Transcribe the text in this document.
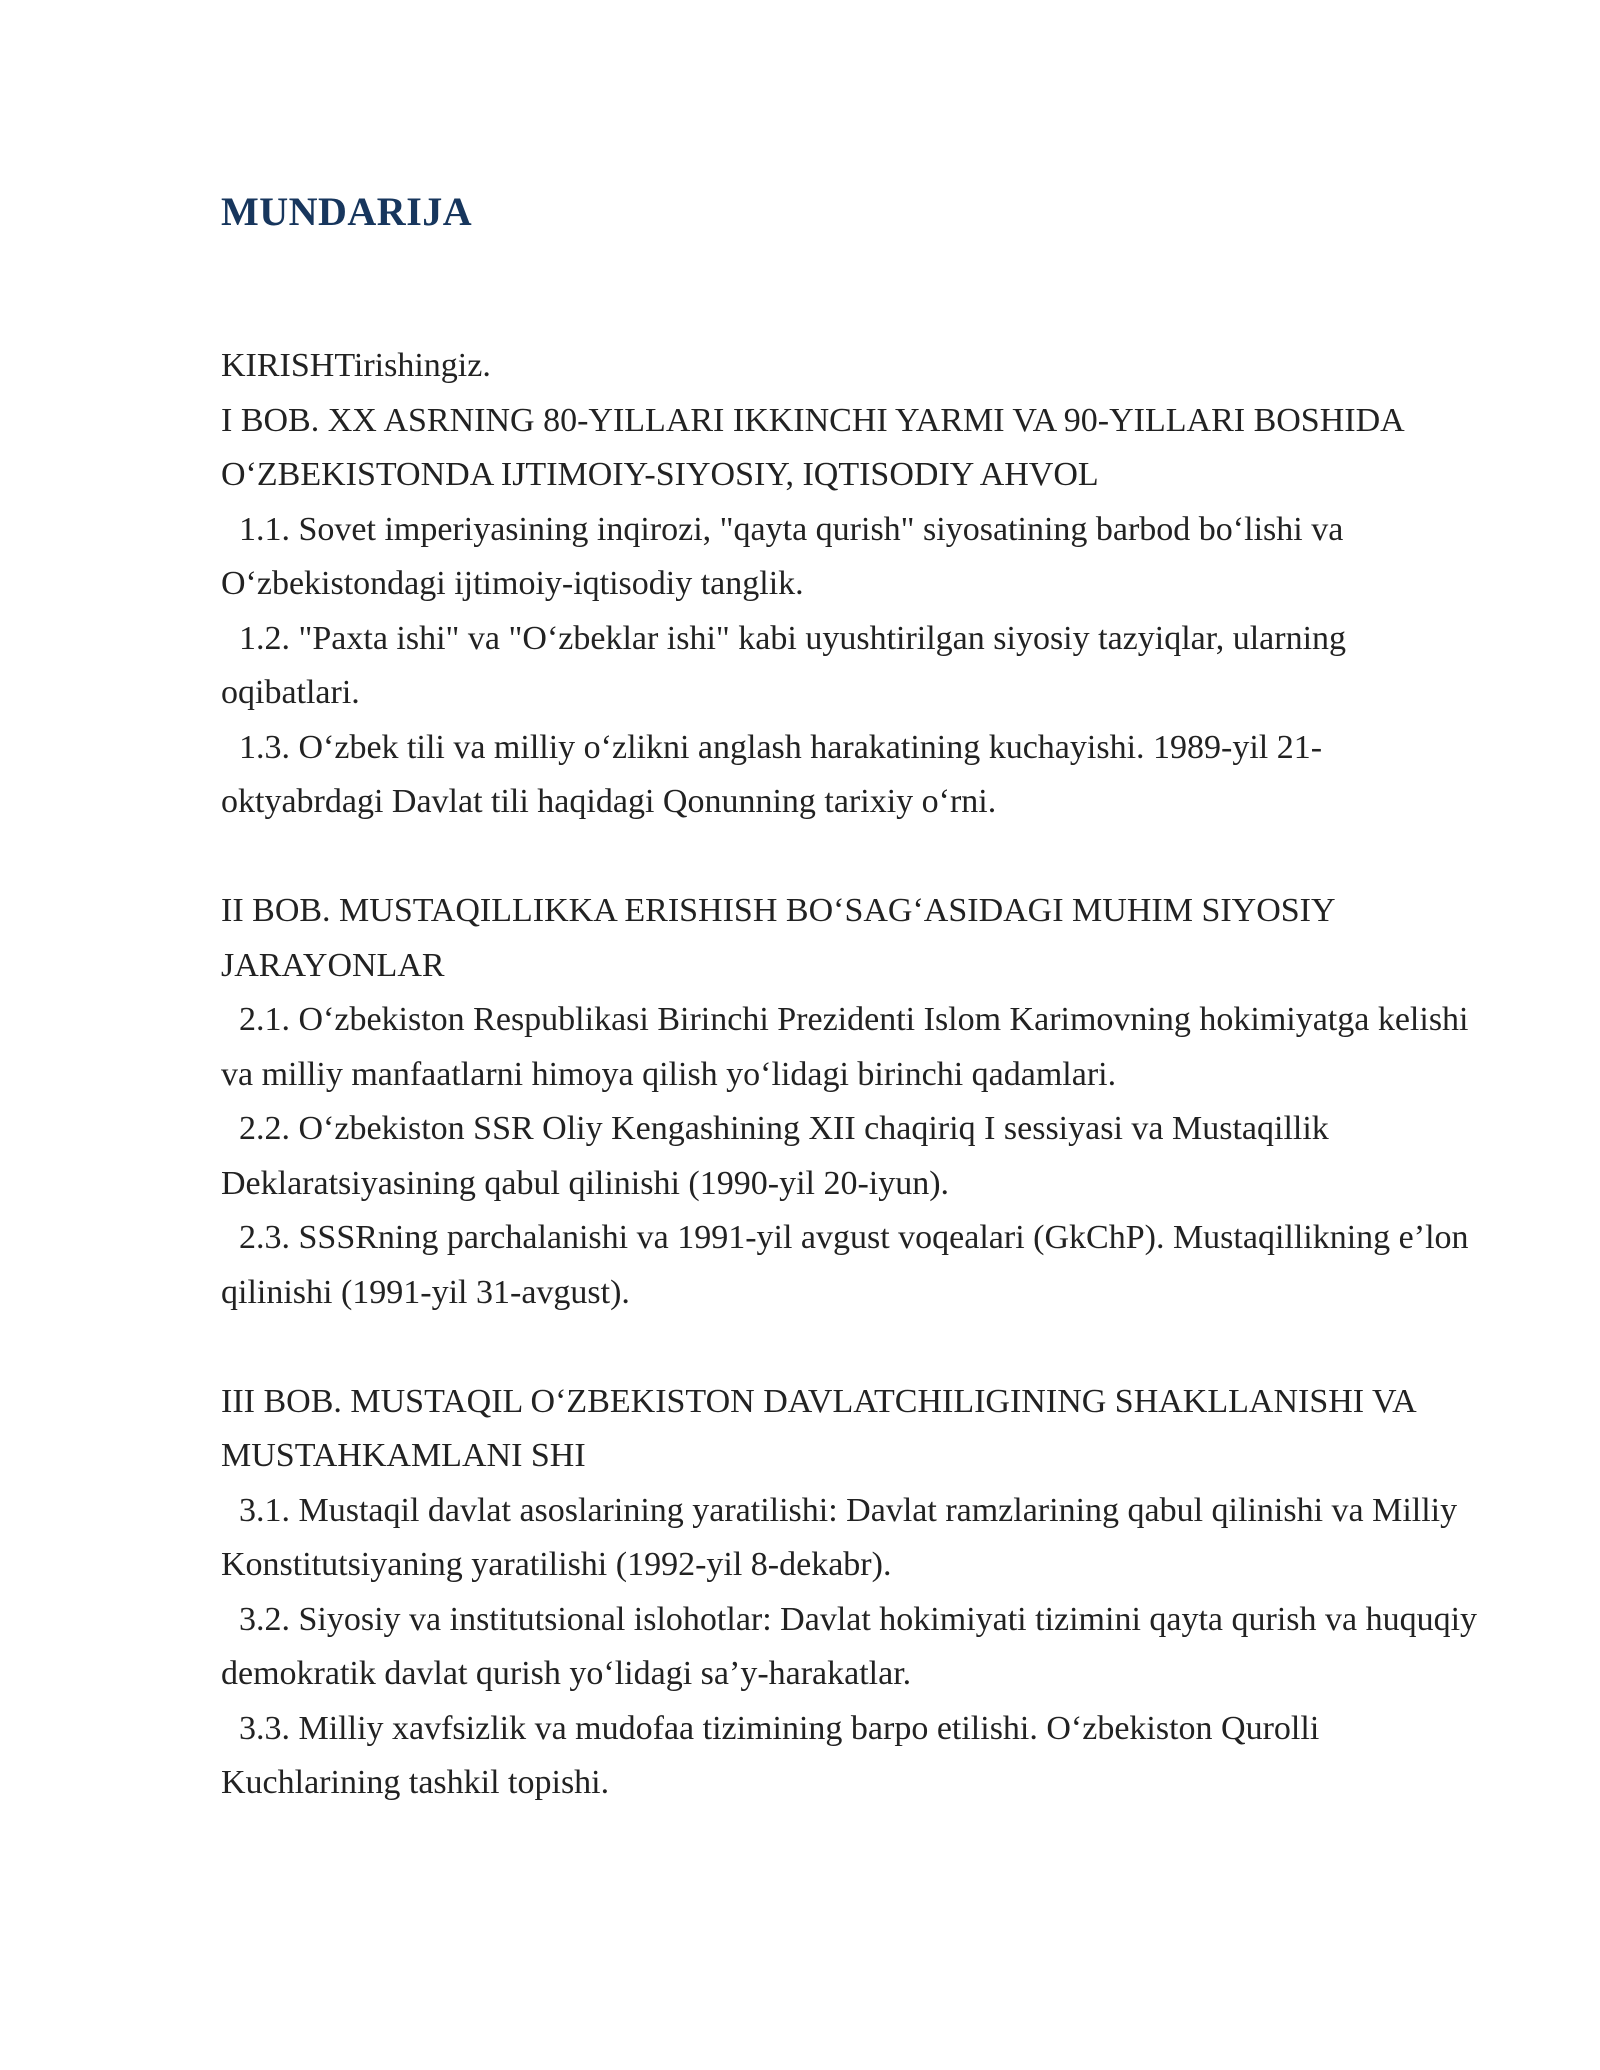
MUNDARIJA

KIRISHTirishingiz.

I BOB. XX ASRNING 80-YILLARI IKKINCHI YARMI VA 90-YILLARI BOSHIDA O‘ZBEKISTONDA IJTIMOIY-SIYOSIY, IQTISODIY AHVOL

1.1. Sovet imperiyasining inqirozi, "qayta qurish" siyosatining barbod bo‘lishi va O‘zbekistondagi ijtimoiy-iqtisodiy tanglik.

1.2. "Paxta ishi" va "O‘zbeklar ishi" kabi uyushtirilgan siyosiy tazyiqlar, ularning oqibatlari.

1.3. O‘zbek tili va milliy o‘zlikni anglash harakatining kuchayishi. 1989-yil 21-oktyabrdagi Davlat tili haqidagi Qonunning tarixiy o‘rni.

II BOB. MUSTAQILLIKKA ERISHISH BO‘SAG‘ASIDAGI MUHIM SIYOSIY JARAYONLAR

2.1. O‘zbekiston Respublikasi Birinchi Prezidenti Islom Karimovning hokimiyatga kelishi va milliy manfaatlarni himoya qilish yo‘lidagi birinchi qadamlari.

2.2. O‘zbekiston SSR Oliy Kengashining XII chaqiriq I sessiyasi va Mustaqillik Deklaratsiyasining qabul qilinishi (1990-yil 20-iyun).

2.3. SSSRning parchalanishi va 1991-yil avgust voqealari (GkChP). Mustaqillikning e’lon qilinishi (1991-yil 31-avgust).

III BOB. MUSTAQIL O‘ZBEKISTON DAVLATCHILIGINING SHAKLLANISHI VA MUSTAHKAMLANI SHI

3.1. Mustaqil davlat asoslarining yaratilishi: Davlat ramzlarining qabul qilinishi va Milliy Konstitutsiyaning yaratilishi (1992-yil 8-dekabr).

3.2. Siyosiy va institutsional islohotlar: Davlat hokimiyati tizimini qayta qurish va huquqiy demokratik davlat qurish yo‘lidagi sa’y-harakatlar.

3.3. Milliy xavfsizlik va mudofaa tizimining barpo etilishi. O‘zbekiston Qurolli Kuchlarining tashkil topishi.
